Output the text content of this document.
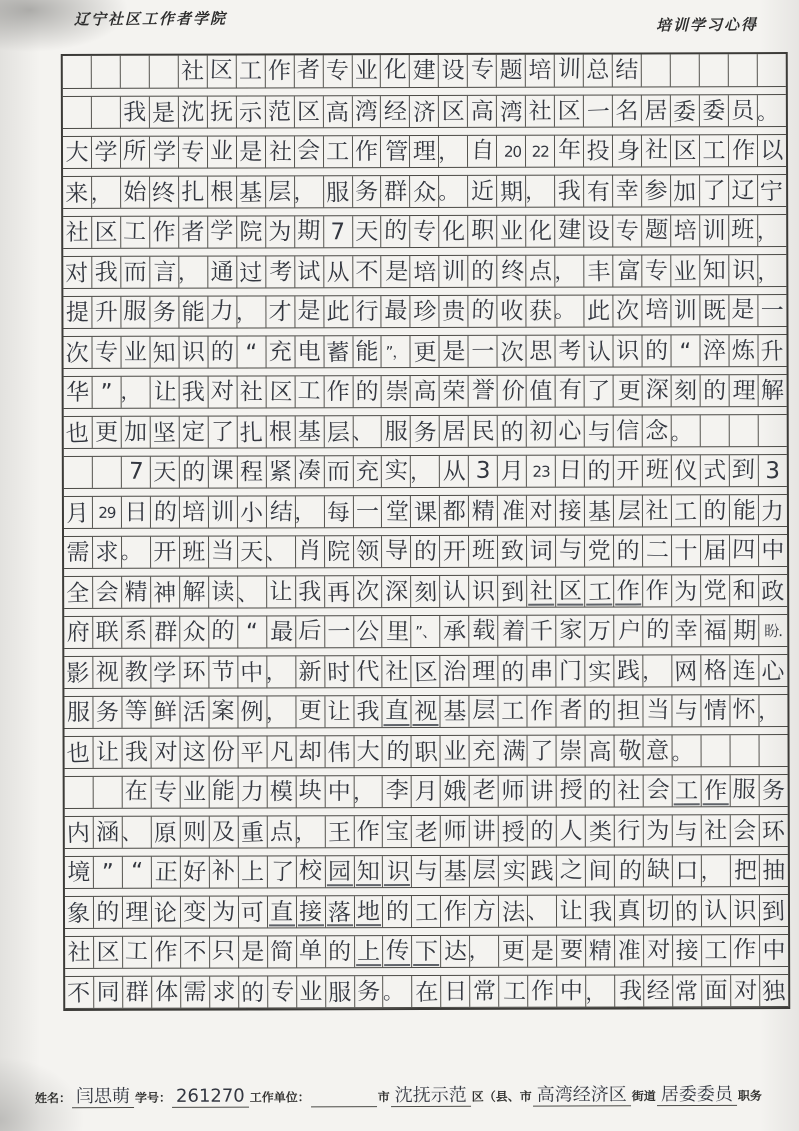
辽宁社区工作者学院	培训学习心得
社 区 工 作 者 专 业 化 建 设 专 题 培 训 总 结
我 是 沈 抚 示 范 区 高 湾 经 济 区 高 湾 社 区 一 名 居 委 委 员 。
大 学 所 学 专 业 是 社 会 工 作 管 理 ， 自 20 22 年 投 身 社 区 工 作 以
来 ， 始 终 扎 根 基 层 ， 服 务 群 众 。 近 期 ， 我 有 幸 参 加 了 辽 宁
社 区 工 作 者 学 院 为 期 7 天 的 专 化 职 业 化 建 设 专 题 培 训 班 ，
对 我 而 言 ， 通 过 考 试 从 不 是 培 训 的 终 点 ， 丰 富 专 业 知 识 ，
提 升 服 务 能 力 ， 才 是 此 行 最 珍 贵 的 收 获 。 此 次 培 训 既 是 一
次 专 业 知 识 的 “ 充 电 蓄 能 ”， 更 是 一 次 思 考 认 识 的 “ 淬 炼 升
华 ” ， 让 我 对 社 区 工 作 的 崇 高 荣 誉 价 值 有 了 更 深 刻 的 理 解
也 更 加 坚 定 了 扎 根 基 层 、 服 务 居 民 的 初 心 与 信 念 。
7 天 的 课 程 紧 凑 而 充 实 ， 从 3 月 23 日 的 开 班 仪 式 到 3
月 29 日 的 培 训 小 结 ， 每 一 堂 课 都 精 准 对 接 基 层 社 工 的 能 力
需 求 。 开 班 当 天 、 肖 院 领 导 的 开 班 致 词 与 党 的 二 十 届 四 中
全 会 精 神 解 读 、 让 我 再 次 深 刻 认 识 到 社 区 工 作 作 为 党 和 政
府 联 系 群 众 的 “ 最 后 一 公 里 ”、 承 载 着 千 家 万 户 的 幸 福 期 盼.
影 视 教 学 环 节 中 ， 新 时 代 社 区 治 理 的 串 门 实 践 ， 网 格 连 心
服 务 等 鲜 活 案 例 ， 更 让 我 直 视 基 层 工 作 者 的 担 当 与 情 怀 ，
也 让 我 对 这 份 平 凡 却 伟 大 的 职 业 充 满 了 崇 高 敬 意 。
在 专 业 能 力 模 块 中 ， 李 月 娥 老 师 讲 授 的 社 会 工 作 服 务
内 涵 、 原 则 及 重 点 ， 王 作 宝 老 师 讲 授 的 人 类 行 为 与 社 会 环
境 ” “ 正 好 补 上 了 校 园 知 识 与 基 层 实 践 之 间 的 缺 口 ， 把 抽
象 的 理 论 变 为 可 直 接 落 地 的 工 作 方 法 、 让 我 真 切 的 认 识 到
社 区 工 作 不 只 是 简 单 的 上 传 下 达 ， 更 是 要 精 准 对 接 工 作 中
不 同 群 体 需 求 的 专 业 服 务 。 在 日 常 工 作 中 ， 我 经 常 面 对 独
姓名： 闫思萌 学号： 261270 工作单位：	市 沈抚示范 区（县、市 高湾经济区 街道 居委委员 职务
